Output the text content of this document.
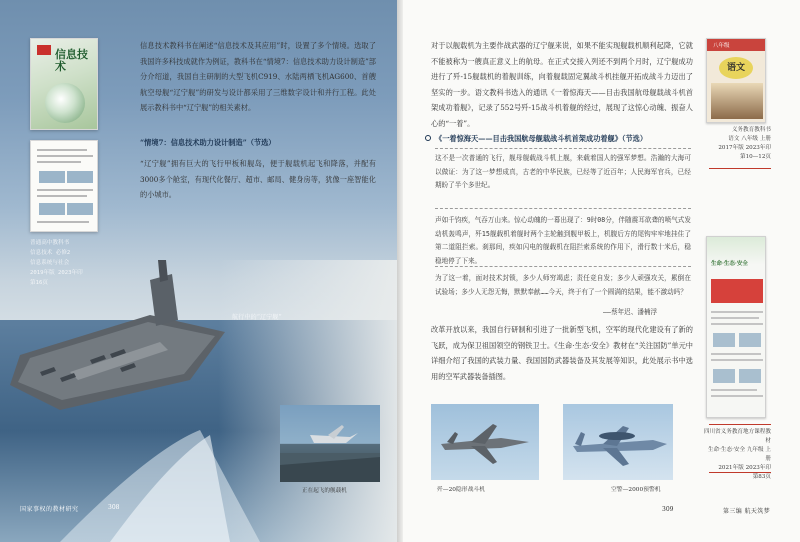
信息技术
普通高中教科书
信息技术 必修2

信息技术教科书在阐述“信息技术及其应用”时，设置了多个情境。选取了我国许多科技成就作为例证，教科书在“情境7：信息技术助力设计制造”部分介绍道，我国自主研制的大型飞机C919、水陆两栖飞机AG600、首艘航空母舰“辽宁舰”的研发与设计都采用了三维数字设计和并行工程。此处展示教科书中“辽宁舰”的相关素材。

“情境7：信息技术助力设计制造”（节选）

“辽宁舰”拥有巨大的飞行甲板和舰岛，便于舰载机起飞和降落，并配有3000多个舱室，有现代化餐厅、超市、邮局、健身房等，犹像一座智能化的小城市。

航行中的“辽宁舰”
正在起飞的舰载机
国家事权的教材研究	308

对于以舰载机为主要作战武器的辽宁舰来说，如果不能实现舰载机顺利起降，它就不能被称为一艘真正意义上的航母。在正式交接入列还不到两个月时，辽宁舰成功进行了歼-15舰载机的着舰训练，向着舰载固定翼战斗机挂舰开拓成战斗力迈出了坚实的一步。语文教科书选入的通讯《一着惊海天——目击我国航母舰载战斗机首架成功着舰》，记录了552号歼-15战斗机着舰的经过，展现了这惊心动魄、振奋人心的“一着”。

《一着惊海天——目击我国航母舰载战斗机首架成功着舰》（节选）

这不是一次普通的飞行，舰母舰载战斗机上舰，来载着国人的强军梦想。浩瀚的大海可以做证：为了这一梦想成真，古老的中华民族，已经等了近百年；人民海军官兵，已经期盼了半个多世纪。

声如千钧疾，气吞万山来。惊心动魄的一幕出现了：9时08分，伴随震耳欲聋的喷气式发动机轰鸣声，歼15舰载机着舰时两个主轮触到舰甲板上，机腹后方的尾钩牢牢地挂住了第二道阻拦索。刹那间，疾如闪电的舰载机在阻拦索系统的作用下，滑行数十米后，稳稳地停了下来。

为了这一着，面对技术封锁，多少人师穷竭虑；责任竞自发；多少人顽强攻关，累倒在试验场；多少人无怨无悔，默默奉献……今天，终于有了一个圆满的结果，能不激动吗？

——蔡年迟、潘楠浮

改革开放以来，我国自行研制和引进了一批新型飞机，空军的现代化建设有了新的飞跃，成为保卫祖国领空的钢铁卫士。《生命·生态·安全》教材在“关注国防”单元中详细介绍了我国的武装力量、我国国防武器装备及其发展等知识，此处展示书中选用的空军武器装备插图。

歼—20隐形战斗机	空警—2000预警机
309	第三编 航天筑梦
八年级
语文
义务教育教科书
语文 八年级 上册
2017年版 2023年印
第10—12页
生命·生态·安全
四川省义务教育地方课程教材
生命·生态·安全 九年级 上册
2021年版 2023年印
第83页
